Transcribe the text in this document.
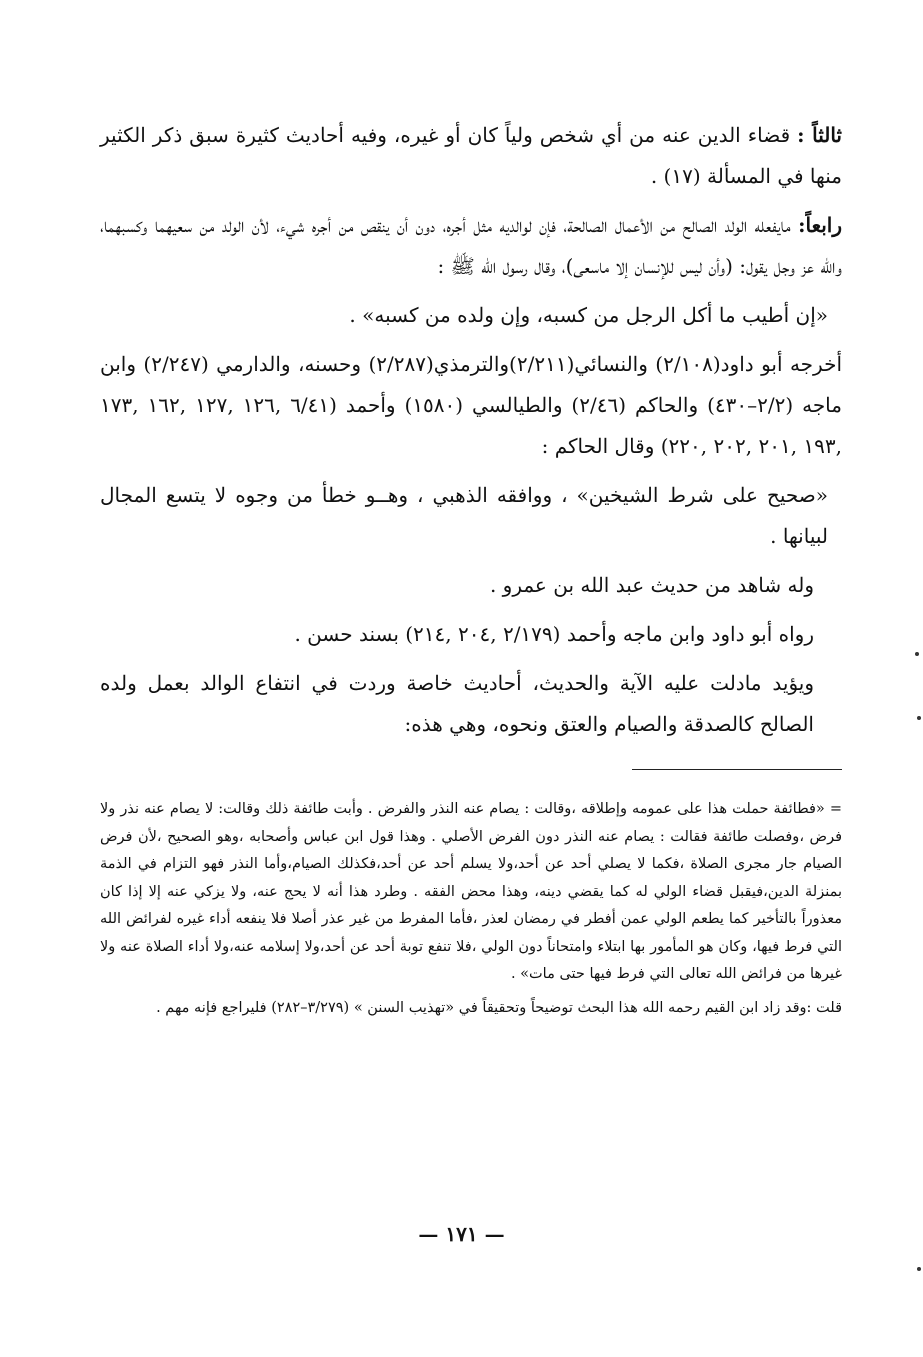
ثالثاً : قضاء الدين عنه من أي شخص ولياً كان أو غيره، وفيه أحاديث كثيرة سبق ذكر الكثير منها في المسألة (١٧) .

رابعاً: مايفعله الولد الصالح من الأعمال الصالحة، فإن لوالديه مثل أجره، دون أن ينقص من أجره شيء، لأن الولد من سعيهما وكسبهما، والله عز وجل يقول: (وأن ليس للإنسان إلا ماسعى)، وقال رسول الله ﷺ :

«إن أطيب ما أكل الرجل من كسبه، وإن ولده من كسبه» .

أخرجه أبو داود(٢/١٠٨) والنسائي(٢/٢١١)والترمذي(٢/٢٨٧) وحسنه، والدارمي (٢/٢٤٧) وابن ماجه (٢/٢–٤٣٠) والحاكم (٢/٤٦) والطيالسي (١٥٨٠) وأحمد (٦/٤١ ,١٢٦ ,١٢٧ ,١٦٢ ,١٧٣ ,١٩٣ ,٢٠١ ,٢٠٢ ,٢٢٠) وقال الحاكم :

«صحيح على شرط الشيخين» ، ووافقه الذهبي ، وهــو خطأ من وجوه لا يتسع المجال لبيانها .

وله شاهد من حديث عبد الله بن عمرو .

رواه أبو داود وابن ماجه وأحمد (٢/١٧٩ ,٢٠٤ ,٢١٤) بسند حسن .

ويؤيد مادلت عليه الآية والحديث، أحاديث خاصة وردت في انتفاع الوالد بعمل ولده الصالح كالصدقة والصيام والعتق ونحوه، وهي هذه:

= «فطائفة حملت هذا على عمومه وإطلاقه ،وقالت : يصام عنه النذر والفرض . وأبت طائفة ذلك وقالت: لا يصام عنه نذر ولا فرض ،وفصلت طائفة فقالت : يصام عنه النذر دون الفرض الأصلي . وهذا قول ابن عباس وأصحابه ،وهو الصحيح ،لأن فرض الصيام جار مجرى الصلاة ،فكما لا يصلي أحد عن أحد،ولا يسلم أحد عن أحد،فكذلك الصيام،وأما النذر فهو التزام في الذمة بمنزلة الدين،فيقبل قضاء الولي له كما يقضي دينه، وهذا محض الفقه . وطرد هذا أنه لا يحج عنه، ولا يزكي عنه إلا إذا كان معذوراً بالتأخير كما يطعم الولي عمن أفطر في رمضان لعذر ،فأما المفرط من غير عذر أصلا فلا ينفعه أداء غيره لفرائض الله التي فرط فيها، وكان هو المأمور بها ابتلاء وامتحاناً دون الولي ،فلا تنفع توبة أحد عن أحد،ولا إسلامه عنه،ولا أداء الصلاة عنه ولا غيرها من فرائض الله تعالى التي فرط فيها حتى مات» .

قلت :وقد زاد ابن القيم رحمه الله هذا البحث توضيحاً وتحقيقاً في «تهذيب السنن » (٣/٢٧٩–٢٨٢) فليراجع فإنه مهم .

— ١٧١ —
